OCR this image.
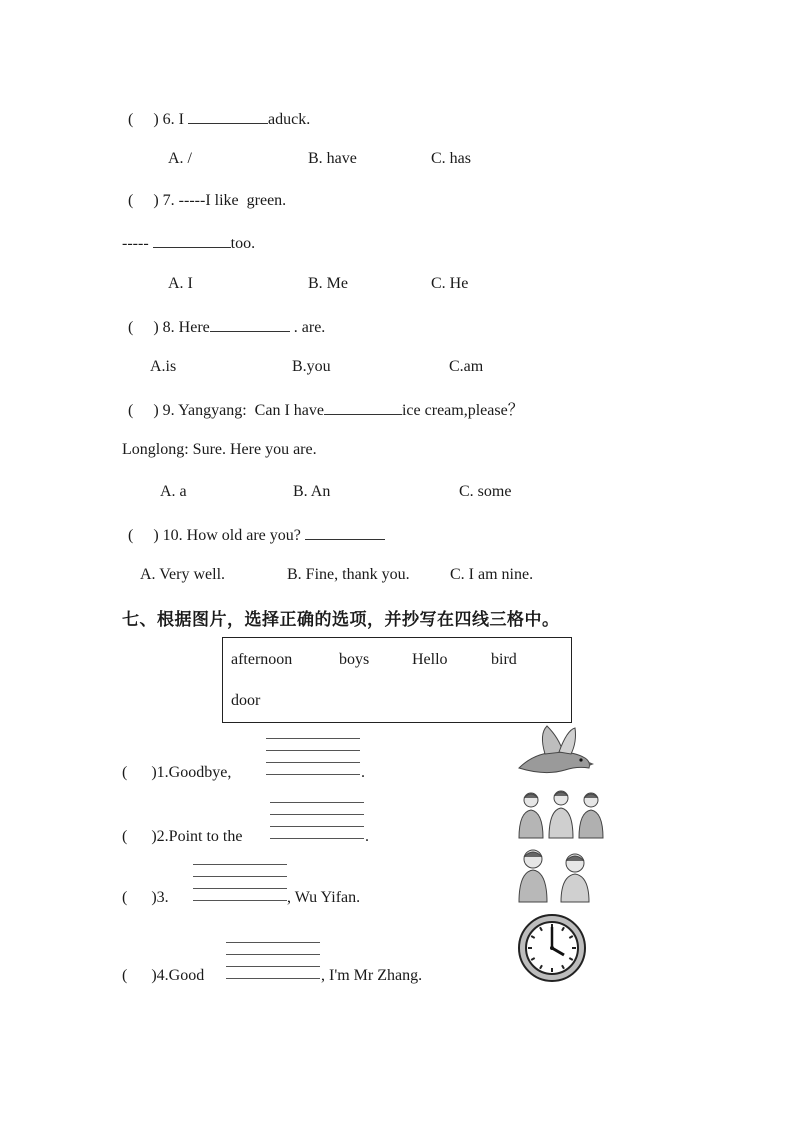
(　 ) 6. I	aduck.
A. /	B. have	C. has
(　 ) 7. -----I like  green.
-----	too.
A. I	B. Me	C. He
(　 ) 8. Here	. are.
A.is	B.you	C.am
(　 ) 9. Yangyang:  Can I have	ice cream,please？
Longlong: Sure. Here you are.
A. a	B. An	C. some
(　 ) 10. How old are you?
A. Very well.	B. Fine, thank you.	C. I am nine.
七、根据图片，选择正确的选项，并抄写在四线三格中。
afternoon	boys	Hello	bird
door
(　 )1.Goodbye,	.
(　 )2.Point to the	.
(　 )3.	, Wu Yifan.
(　 )4.Good	, I'm Mr Zhang.
